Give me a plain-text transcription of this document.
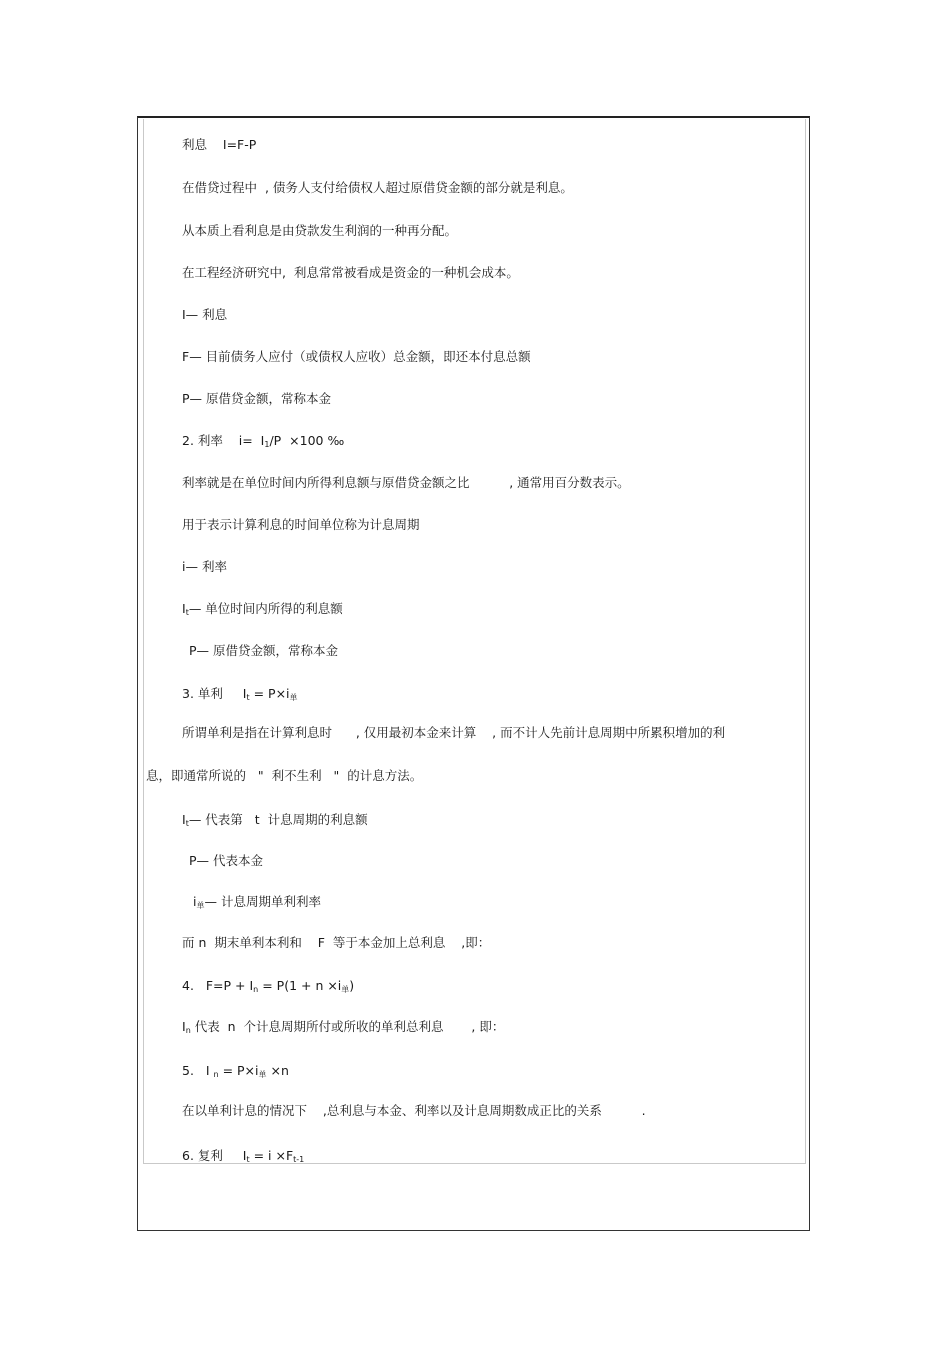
利息    I=F-P
在借贷过程中  , 债务人支付给债权人超过原借贷金额的部分就是利息。
从本质上看利息是由贷款发生利润的一种再分配。
在工程经济研究中,  利息常常被看成是资金的一种机会成本。
I— 利息
F— 目前债务人应付（或债权人应收）总金额，即还本付息总额
P— 原借贷金额，常称本金
2. 利率    $i= I_1/P \times 100$ ‰
利率就是在单位时间内所得利息额与原借贷金额之比          , 通常用百分数表示。
用于表示计算利息的时间单位称为计息周期
i— 利率
$I_t—$ 单位时间内所得的利息额
P— 原借贷金额，常称本金
3. 单利     $I_t = P\times i_单$
所谓单利是指在计算利息时      , 仅用最初本金来计算    , 而不计人先前计息周期中所累积增加的利
息，即通常所说的   "  利不生利   "  的计息方法。
$I_t—$ 代表第   t  计息周期的利息额
P— 代表本金
$i_单—$ 计息周期单利利率
而 n  期末单利本利和    F  等于本金加上总利息    ,即：
4.   $F=P + I_n = P(1 + n \times i_单)$
$I_n$ 代表  n  个计息周期所付或所收的单利总利息       , 即：
5.   I $_n = P\times i_单 \times n$
在以单利计息的情况下    ,总利息与本金、利率以及计息周期数成正比的关系          .
6. 复利     $I_t = i \times F_{t-1}$
